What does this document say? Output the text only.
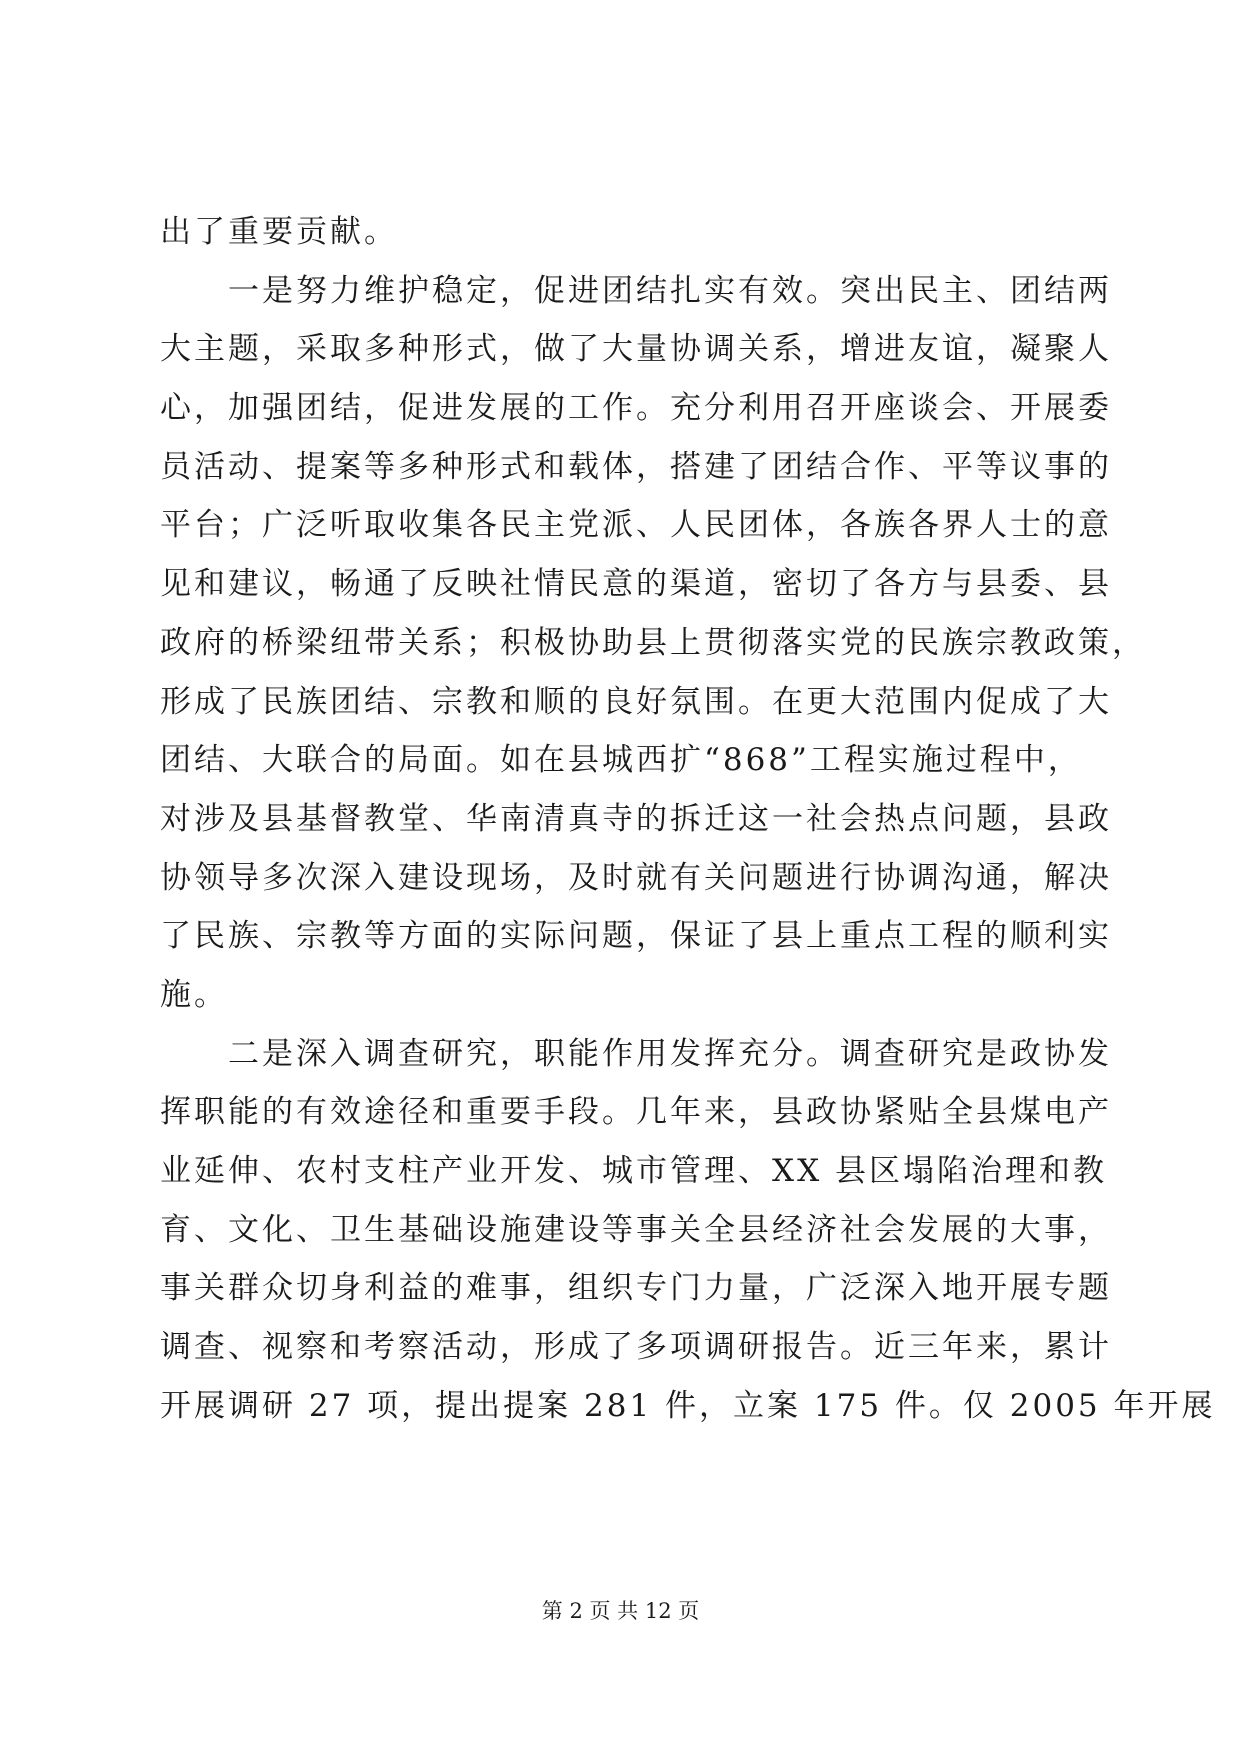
出了重要贡献。
　　一是努力维护稳定，促进团结扎实有效。突出民主、团结两
大主题，采取多种形式，做了大量协调关系，增进友谊，凝聚人
心，加强团结，促进发展的工作。充分利用召开座谈会、开展委
员活动、提案等多种形式和载体，搭建了团结合作、平等议事的
平台；广泛听取收集各民主党派、人民团体，各族各界人士的意
见和建议，畅通了反映社情民意的渠道，密切了各方与县委、县
政府的桥梁纽带关系；积极协助县上贯彻落实党的民族宗教政策，
形成了民族团结、宗教和顺的良好氛围。在更大范围内促成了大
团结、大联合的局面。如在县城西扩“868”工程实施过程中，
对涉及县基督教堂、华南清真寺的拆迁这一社会热点问题，县政
协领导多次深入建设现场，及时就有关问题进行协调沟通，解决
了民族、宗教等方面的实际问题，保证了县上重点工程的顺利实
施。
　　二是深入调查研究，职能作用发挥充分。调查研究是政协发
挥职能的有效途径和重要手段。几年来，县政协紧贴全县煤电产
业延伸、农村支柱产业开发、城市管理、XX 县区塌陷治理和教
育、文化、卫生基础设施建设等事关全县经济社会发展的大事，
事关群众切身利益的难事，组织专门力量，广泛深入地开展专题
调查、视察和考察活动，形成了多项调研报告。近三年来，累计
开展调研 27 项，提出提案 281 件，立案 175 件。仅 2005 年开展
第 2 页 共 12 页
